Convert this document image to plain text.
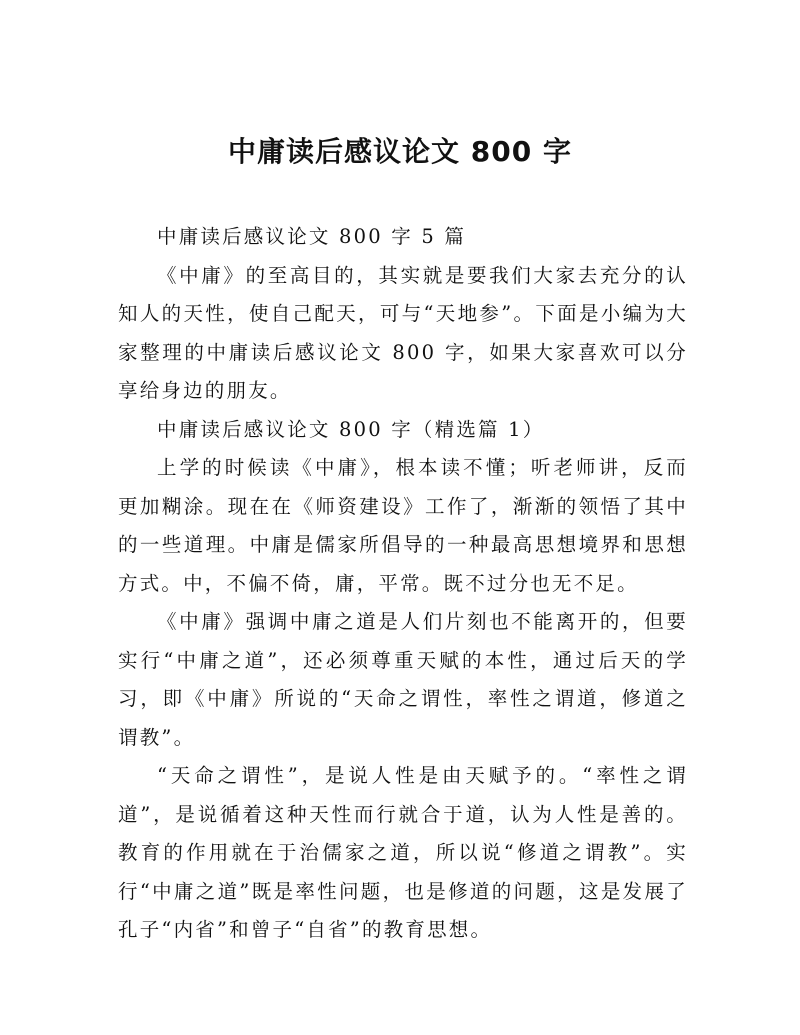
中庸读后感议论文 800 字

中庸读后感议论文 800 字 5 篇

《中庸》的至高目的，其实就是要我们大家去充分的认知人的天性，使自己配天，可与“天地参”。下面是小编为大家整理的中庸读后感议论文 800 字，如果大家喜欢可以分享给身边的朋友。

中庸读后感议论文 800 字（精选篇 1）

上学的时候读《中庸》，根本读不懂；听老师讲，反而更加糊涂。现在在《师资建设》工作了，渐渐的领悟了其中的一些道理。中庸是儒家所倡导的一种最高思想境界和思想方式。中，不偏不倚，庸，平常。既不过分也无不足。

《中庸》强调中庸之道是人们片刻也不能离开的，但要实行“中庸之道”，还必须尊重天赋的本性，通过后天的学习，即《中庸》所说的“天命之谓性，率性之谓道，修道之谓教”。

“天命之谓性”，是说人性是由天赋予的。“率性之谓道”，是说循着这种天性而行就合于道，认为人性是善的。教育的作用就在于治儒家之道，所以说“修道之谓教”。实行“中庸之道”既是率性问题，也是修道的问题，这是发展了孔子“内省”和曾子“自省”的教育思想。
